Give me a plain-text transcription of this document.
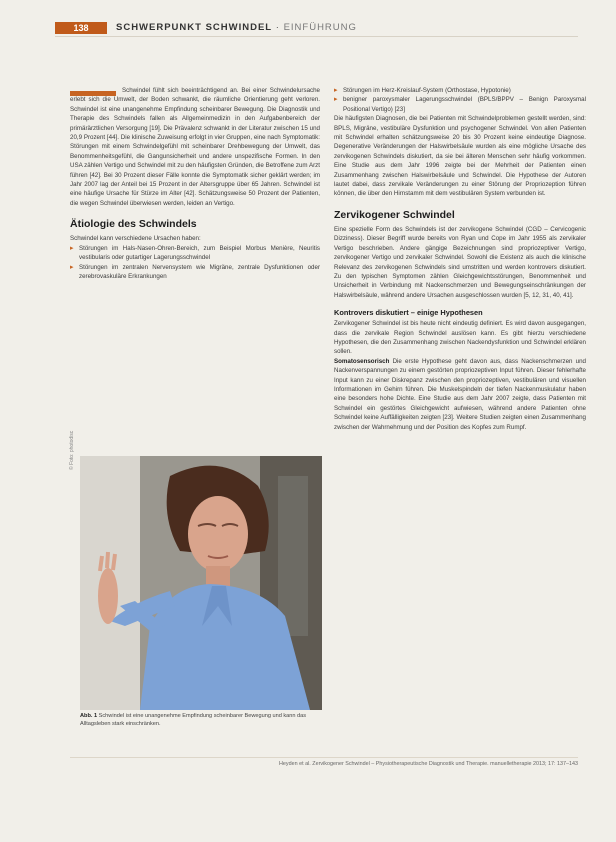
138	SCHWERPUNKT SCHWINDEL · EINFÜHRUNG

Schwindel fühlt sich beeinträchtigend an. Bei einer Schwindelursache erlebt sich die Umwelt, der Boden schwankt, die räumliche Orientierung geht verloren. Schwindel ist eine unangenehme Empfindung scheinbarer Bewegung. Die Diagnostik und Therapie des Schwindels fallen als Allgemeinmedizin in den Aufgabenbereich der primärärztlichen Versorgung [19]. Die Prävalenz schwankt in der Literatur zwischen 15 und 20,9 Prozent [44]. Die klinische Zuweisung erfolgt in vier Gruppen, eine nach Symptomatik: Störungen mit einem Schwindelgefühl mit scheinbarer Drehbewegung der Umwelt, das Benommenheitsgefühl, die Gangunsicherheit und andere unspezifische Formen. In den USA zählen Vertigo und Schwindel mit zu den häufigsten Gründen, die Betroffene zum Arzt führen [42]. Bei 30 Prozent dieser Fälle konnte die Symptomatik sicher geklärt werden; im Jahr 2007 lag der Anteil bei 15 Prozent in der Altersgruppe über 65 Jahren. Schwindel ist eine häufige Ursache für Stürze im Alter [42]. Schätzungsweise 50 Prozent der Patienten, die wegen Schwindel überwiesen werden, leiden an Vertigo.

Ätiologie des Schwindels

Schwindel kann verschiedene Ursachen haben:

▸ Störungen im Hals-Nasen-Ohren-Bereich, zum Beispiel Morbus Menière, Neuritis vestibularis oder gutartiger Lagerungsschwindel
▸ Störungen im zentralen Nervensystem wie Migräne, zentrale Dysfunktionen oder zerebrovaskuläre Erkrankungen
© Foto: photodisc
Abb. 1 Schwindel ist eine unangenehme Empfindung scheinbarer Bewegung und kann das Alltagsleben stark einschränken.
▸ Störungen im Herz-Kreislauf-System (Orthostase, Hypotonie)
▸ benigner paroxysmaler Lagerungsschwindel (BPLS/BPPV – Benign Paroxysmal Positional Vertigo) [23]

Die häufigsten Diagnosen, die bei Patienten mit Schwindelproblemen gestellt werden, sind: BPLS, Migräne, vestibuläre Dysfunktion und psychogener Schwindel. Von allen Patienten mit Schwindel erhalten schätzungsweise 20 bis 30 Prozent keine eindeutige Diagnose. Degenerative Veränderungen der Halswirbelsäule wurden als eine mögliche Ursache des zervikogenen Schwindels diskutiert, da sie bei älteren Menschen sehr häufig vorkommen. Eine Studie aus dem Jahr 1996 zeigte bei der Mehrheit der Patienten einen Zusammenhang zwischen Halswirbelsäule und Schwindel. Die Hypothese der Autoren lautet dabei, dass zervikale Veränderungen zu einer Störung der Propriozeption führen können, die über den Hirnstamm mit dem vestibulären System verbunden ist.

Zervikogener Schwindel

Eine spezielle Form des Schwindels ist der zervikogene Schwindel (CGD – Cervicogenic Dizziness). Dieser Begriff wurde bereits von Ryan und Cope im Jahr 1955 als zervikaler Vertigo beschrieben. Andere gängige Bezeichnungen sind propriozeptiver Vertigo, zervikogener Vertigo und zervikaler Schwindel. Sowohl die Existenz als auch die klinische Relevanz des zervikogenen Schwindels sind umstritten und werden kontrovers diskutiert. Zu den typischen Symptomen zählen Gleichgewichtsstörungen, Benommenheit und Unsicherheit in Verbindung mit Nackenschmerzen und Bewegungseinschränkungen der Halswirbelsäule, während andere Ursachen ausgeschlossen wurden [5, 12, 31, 40, 41].

Kontrovers diskutiert – einige Hypothesen

Zervikogener Schwindel ist bis heute nicht eindeutig definiert. Es wird davon ausgegangen, dass die zervikale Region Schwindel auslösen kann. Es gibt hierzu verschiedene Hypothesen, die den Zusammenhang zwischen Nackendysfunktion und Schwindel erklären sollen.

Somatosensorisch Die erste Hypothese geht davon aus, dass Nackenschmerzen und Nackenverspannungen zu einem gestörten propriozeptiven Input führen. Dieser fehlerhafte Input kann zu einer Diskrepanz zwischen den propriozeptiven, vestibulären und visuellen Informationen im Gehirn führen. Die Muskelspindeln der tiefen Nackenmuskulatur haben eine besonders hohe Dichte. Eine Studie aus dem Jahr 2007 zeigte, dass Patienten mit Schwindel ein gestörtes Gleichgewicht aufwiesen, während andere Patienten ohne Schwindel keine Auffälligkeiten zeigten [23]. Weitere Studien zeigten einen Zusammenhang zwischen der Wahrnehmung und der Position des Kopfes zum Rumpf.

Heyden et al. Zervikogener Schwindel – Physiotherapeutische Diagnostik und Therapie. manuelletherapie 2013; 17: 137–143
